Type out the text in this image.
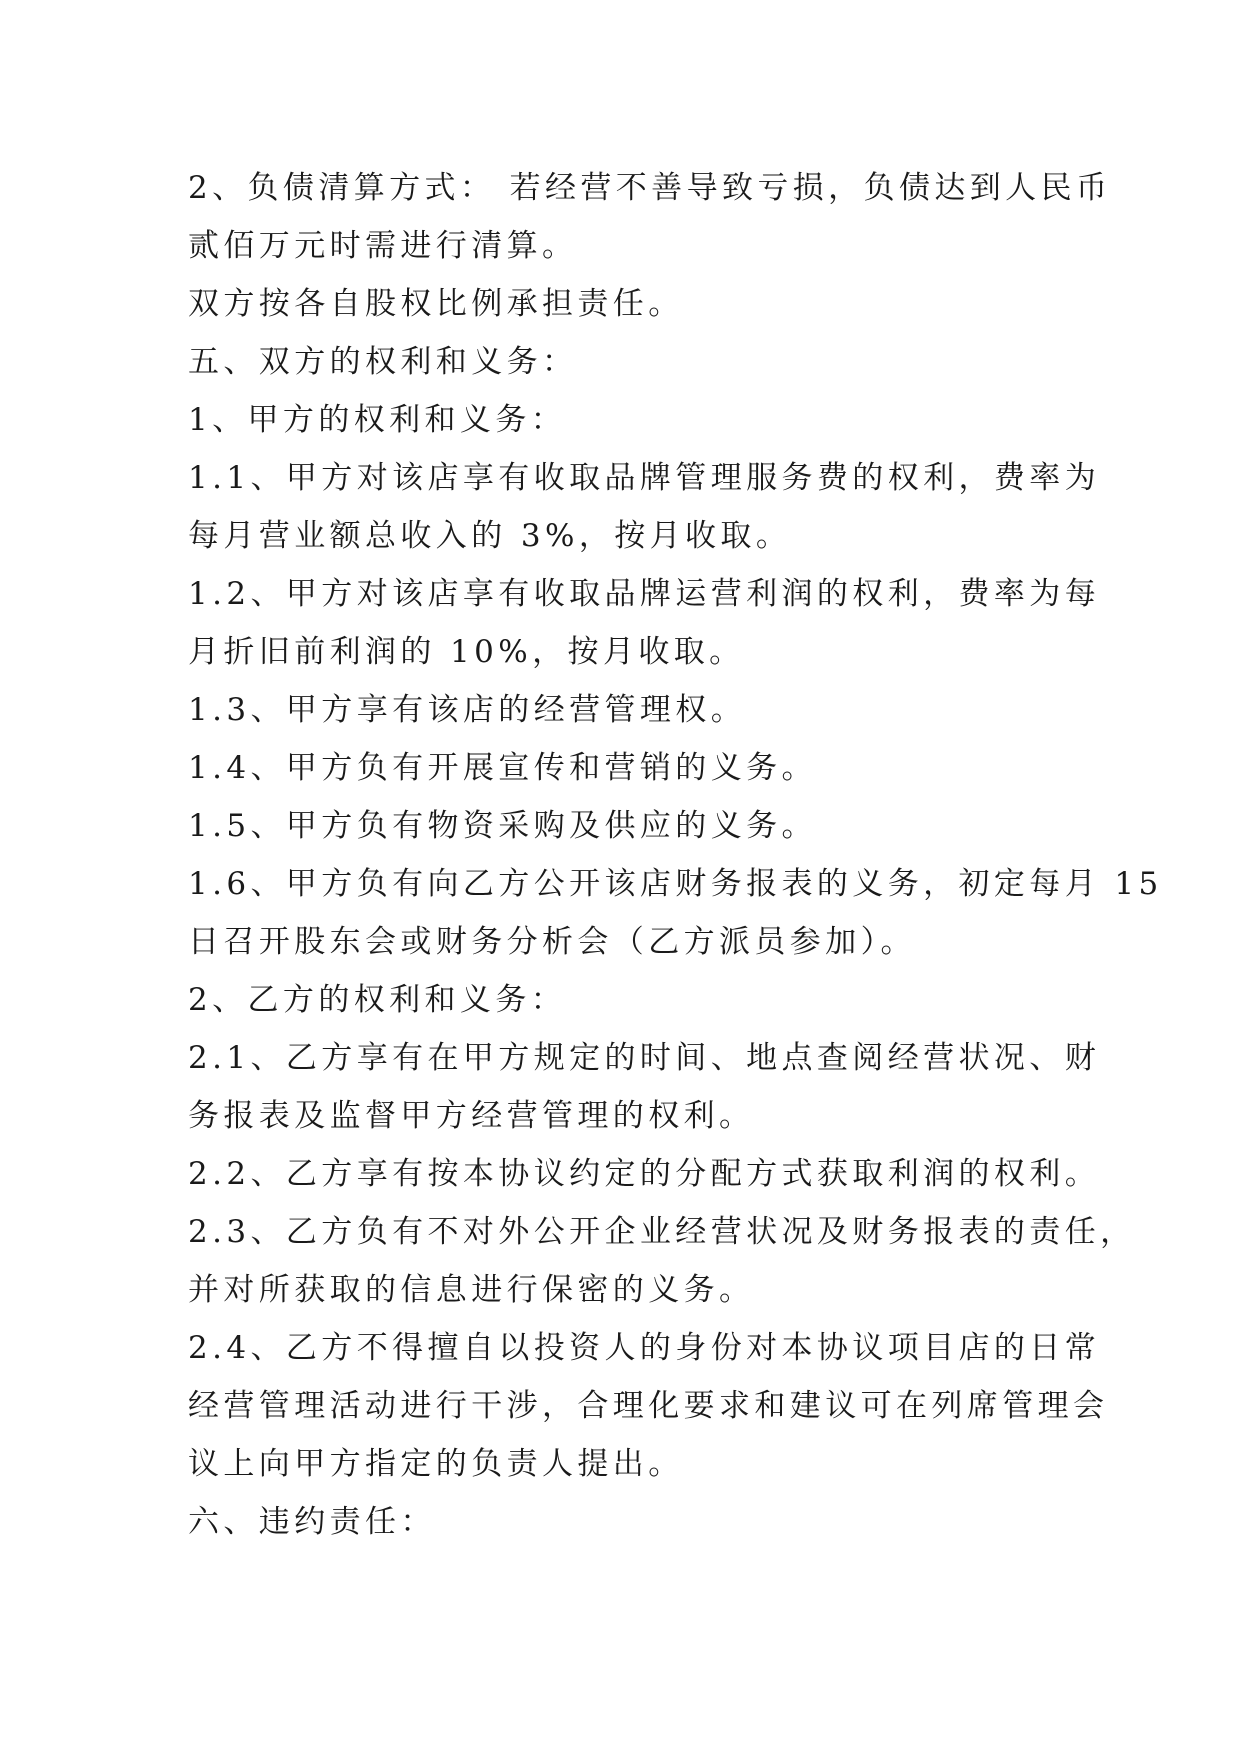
2、负债清算方式： 若经营不善导致亏损，负债达到人民币
贰佰万元时需进行清算。
双方按各自股权比例承担责任。
五、双方的权利和义务：
1、甲方的权利和义务：
1.1、甲方对该店享有收取品牌管理服务费的权利，费率为
每月营业额总收入的 3%，按月收取。
1.2、甲方对该店享有收取品牌运营利润的权利，费率为每
月折旧前利润的 10%，按月收取。
1.3、甲方享有该店的经营管理权。
1.4、甲方负有开展宣传和营销的义务。
1.5、甲方负有物资采购及供应的义务。
1.6、甲方负有向乙方公开该店财务报表的义务，初定每月 15
日召开股东会或财务分析会（乙方派员参加）。
2、乙方的权利和义务：
2.1、乙方享有在甲方规定的时间、地点查阅经营状况、财
务报表及监督甲方经营管理的权利。
2.2、乙方享有按本协议约定的分配方式获取利润的权利。
2.3、乙方负有不对外公开企业经营状况及财务报表的责任，
并对所获取的信息进行保密的义务。
2.4、乙方不得擅自以投资人的身份对本协议项目店的日常
经营管理活动进行干涉，合理化要求和建议可在列席管理会
议上向甲方指定的负责人提出。
六、违约责任：
